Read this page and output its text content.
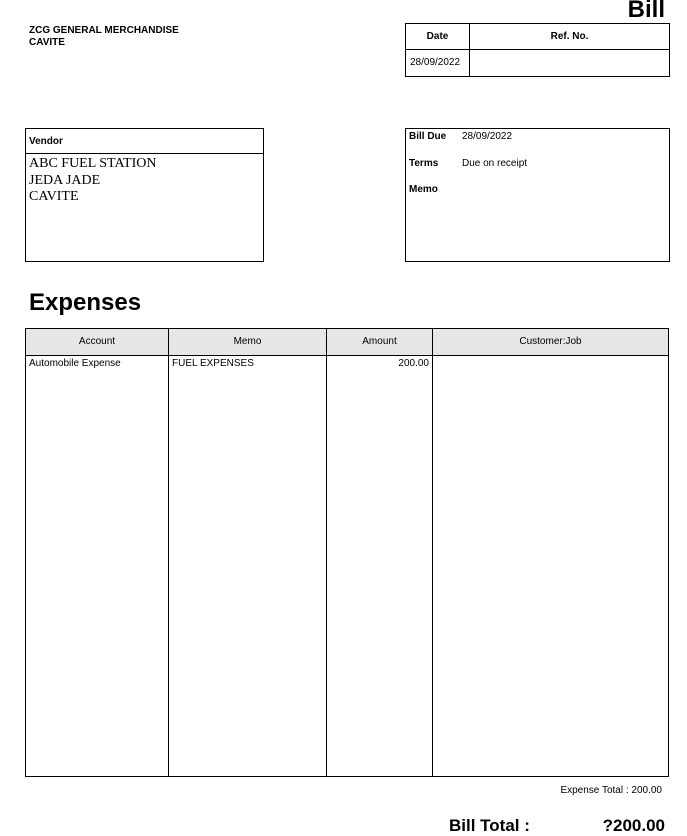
Bill
ZCG GENERAL MERCHANDISE
CAVITE
Date	Ref. No.
28/09/2022
Vendor
ABC FUEL STATION
JEDA JADE
CAVITE
Bill Due 28/09/2022
Terms Due on receipt
Memo
Expenses
Account	Memo	Amount	Customer:Job
Automobile Expense	FUEL EXPENSES	200.00
Expense Total : 200.00
Bill Total :	?200.00
